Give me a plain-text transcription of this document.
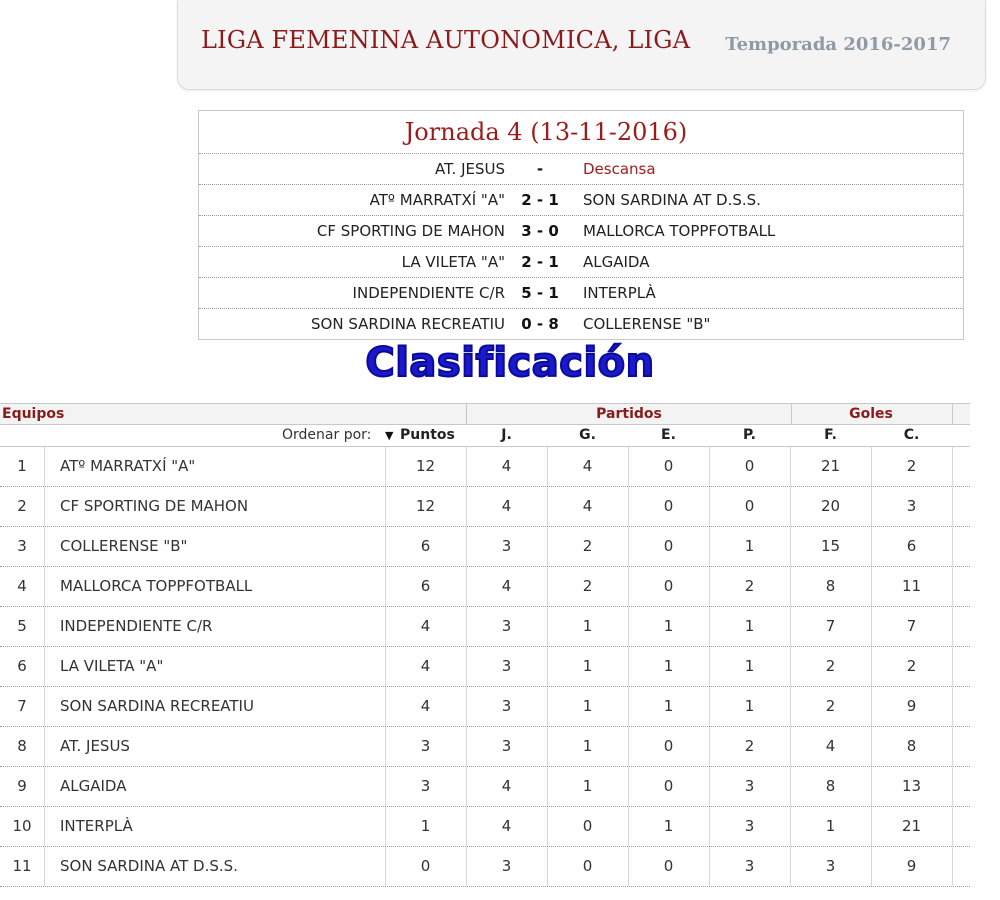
LIGA FEMENINA AUTONOMICA, LIGA Temporada 2016-2017
Jornada 4 (13-11-2016)
AT. JESUS	-	Descansa
ATº MARRATXÍ "A"	2 - 1	SON SARDINA AT D.S.S.
CF SPORTING DE MAHON	3 - 0	MALLORCA TOPPFOTBALL
LA VILETA "A"	2 - 1	ALGAIDA
INDEPENDIENTE C/R	5 - 1	INTERPLÀ
SON SARDINA RECREATIU	0 - 8	COLLERENSE "B"
Clasificación
Equipos	Partidos	Goles
Ordenar por: ▼ Puntos	J.	G.	E.	P.	F.	C.
1	ATº MARRATXÍ "A"	12	4	4	0	0	21	2
2	CF SPORTING DE MAHON	12	4	4	0	0	20	3
3	COLLERENSE "B"	6	3	2	0	1	15	6
4	MALLORCA TOPPFOTBALL	6	4	2	0	2	8	11
5	INDEPENDIENTE C/R	4	3	1	1	1	7	7
6	LA VILETA "A"	4	3	1	1	1	2	2
7	SON SARDINA RECREATIU	4	3	1	1	1	2	9
8	AT. JESUS	3	3	1	0	2	4	8
9	ALGAIDA	3	4	1	0	3	8	13
10	INTERPLÀ	1	4	0	1	3	1	21
11	SON SARDINA AT D.S.S.	0	3	0	0	3	3	9
